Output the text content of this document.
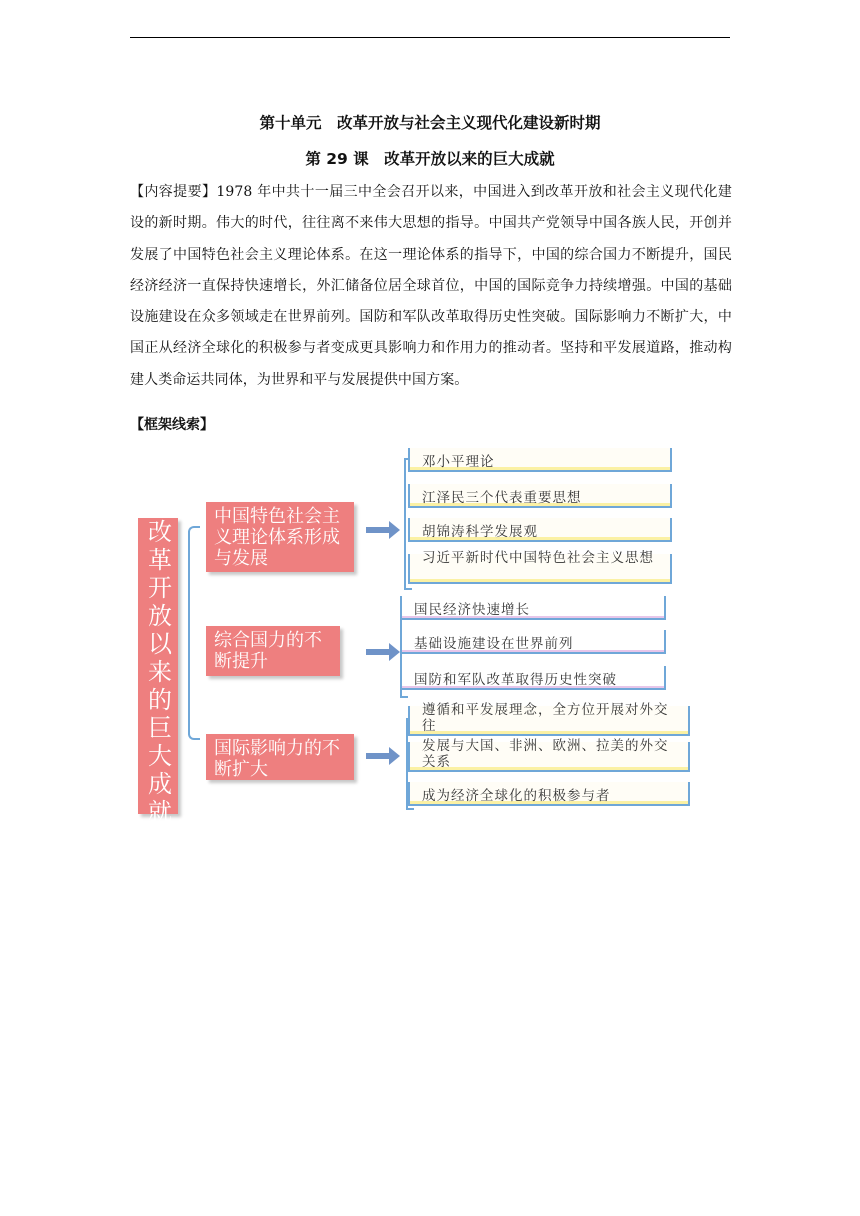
第十单元　改革开放与社会主义现代化建设新时期
第 29 课　改革开放以来的巨大成就
【内容提要】1978 年中共十一届三中全会召开以来，中国进入到改革开放和社会主义现代化建设的新时期。伟大的时代，往往离不来伟大思想的指导。中国共产党领导中国各族人民，开创并发展了中国特色社会主义理论体系。在这一理论体系的指导下，中国的综合国力不断提升，国民经济经济一直保持快速增长，外汇储备位居全球首位，中国的国际竞争力持续增强。中国的基础设施建设在众多领域走在世界前列。国防和军队改革取得历史性突破。国际影响力不断扩大，中国正从经济全球化的积极参与者变成更具影响力和作用力的推动者。坚持和平发展道路，推动构建人类命运共同体，为世界和平与发展提供中国方案。
【框架线索】
改革开放以来的巨大成就
中国特色社会主义理论体系形成与发展
邓小平理论
江泽民三个代表重要思想
胡锦涛科学发展观
习近平新时代中国特色社会主义思想
综合国力的不断提升
国民经济快速增长
基础设施建设在世界前列
国防和军队改革取得历史性突破
国际影响力的不断扩大
遵循和平发展理念，全方位开展对外交往
发展与大国、非洲、欧洲、拉美的外交关系
成为经济全球化的积极参与者
